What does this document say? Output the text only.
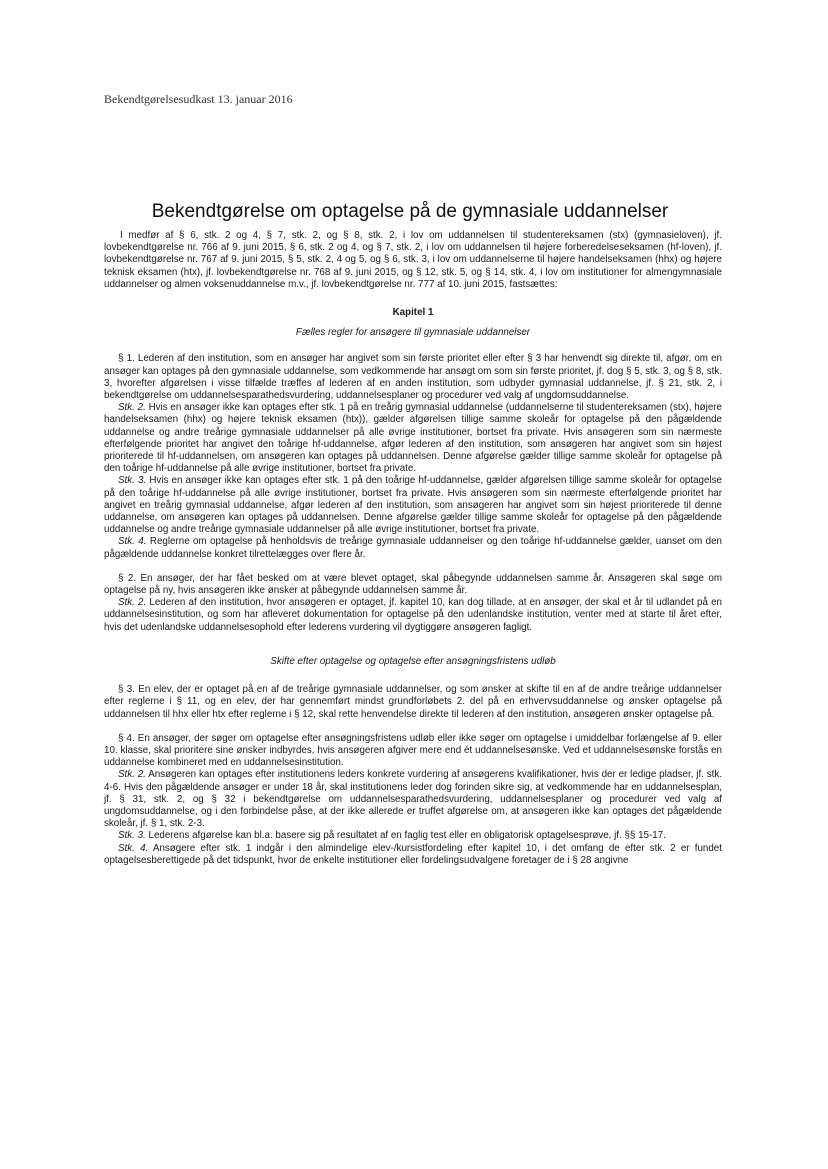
Bekendtgørelsesudkast 13. januar 2016
Bekendtgørelse om optagelse på de gymnasiale uddannelser

I medfør af § 6, stk. 2 og 4, § 7, stk. 2, og § 8, stk. 2, i lov om uddannelsen til studentereksamen (stx) (gymnasieloven), jf. lovbekendtgørelse nr. 766 af 9. juni 2015, § 6, stk. 2 og 4, og § 7, stk. 2, i lov om uddannelsen til højere forberedelseseksamen (hf-loven), jf. lovbekendtgørelse nr. 767 af 9. juni 2015, § 5, stk. 2, 4 og 5, og § 6, stk. 3, i lov om uddannelserne til højere handelseksamen (hhx) og højere teknisk eksamen (htx), jf. lovbekendtgørelse nr. 768 af 9. juni 2015, og § 12, stk. 5, og § 14, stk. 4, i lov om institutioner for almengymnasiale uddannelser og almen voksenuddannelse m.v., jf. lovbekendtgørelse nr. 777 af 10. juni 2015, fastsættes:

Kapitel 1
Fælles regler for ansøgere til gymnasiale uddannelser

§ 1. Lederen af den institution, som en ansøger har angivet som sin første prioritet eller efter § 3 har henvendt sig direkte til, afgør, om en ansøger kan optages på den gymnasiale uddannelse, som vedkommende har ansøgt om som sin første prioritet, jf. dog § 5, stk. 3, og § 8, stk. 3, hvorefter afgørelsen i visse tilfælde træffes af lederen af en anden institution, som udbyder gymnasial uddannelse, jf. § 21, stk. 2, i bekendtgørelse om uddannelsesparathedsvurdering, uddannelsesplaner og procedurer ved valg af ungdomsuddannelse.

Stk. 2. Hvis en ansøger ikke kan optages efter stk. 1 på en treårig gymnasial uddannelse (uddannelserne til studentereksamen (stx), højere handelseksamen (hhx) og højere teknisk eksamen (htx)), gælder afgørelsen tillige samme skoleår for optagelse på den pågældende uddannelse og andre treårige gymnasiale uddannelser på alle øvrige institutioner, bortset fra private. Hvis ansøgeren som sin nærmeste efterfølgende prioritet har angivet den toårige hf-uddannelse, afgør lederen af den institution, som ansøgeren har angivet som sin højest prioriterede til hf-uddannelsen, om ansøgeren kan optages på uddannelsen. Denne afgørelse gælder tillige samme skoleår for optagelse på den toårige hf-uddannelse på alle øvrige institutioner, bortset fra private.

Stk. 3. Hvis en ansøger ikke kan optages efter stk. 1 på den toårige hf-uddannelse, gælder afgørelsen tillige samme skoleår for optagelse på den toårige hf-uddannelse på alle øvrige institutioner, bortset fra private. Hvis ansøgeren som sin nærmeste efterfølgende prioritet har angivet en treårig gymnasial uddannelse, afgør lederen af den institution, som ansøgeren har angivet som sin højest prioriterede til denne uddannelse, om ansøgeren kan optages på uddannelsen. Denne afgørelse gælder tillige samme skoleår for optagelse på den pågældende uddannelse og andre treårige gymnasiale uddannelser på alle øvrige institutioner, bortset fra private.

Stk. 4. Reglerne om optagelse på henholdsvis de treårige gymnasiale uddannelser og den toårige hf-uddannelse gælder, uanset om den pågældende uddannelse konkret tilrettelægges over flere år.

§ 2. En ansøger, der har fået besked om at være blevet optaget, skal påbegynde uddannelsen samme år. Ansøgeren skal søge om optagelse på ny, hvis ansøgeren ikke ønsker at påbegynde uddannelsen samme år.

Stk. 2. Lederen af den institution, hvor ansøgeren er optaget, jf. kapitel 10, kan dog tillade, at en ansøger, der skal et år til udlandet på en uddannelsesinstitution, og som har afleveret dokumentation for optagelse på den udenlandske institution, venter med at starte til året efter, hvis det udenlandske uddannelsesophold efter lederens vurdering vil dygtiggøre ansøgeren fagligt.

Skifte efter optagelse og optagelse efter ansøgningsfristens udløb

§ 3. En elev, der er optaget på en af de treårige gymnasiale uddannelser, og som ønsker at skifte til en af de andre treårige uddannelser efter reglerne i § 11, og en elev, der har gennemført mindst grundforløbets 2. del på en erhvervsuddannelse og ønsker optagelse på uddannelsen til hhx eller htx efter reglerne i § 12, skal rette henvendelse direkte til lederen af den institution, ansøgeren ønsker optagelse på.

§ 4. En ansøger, der søger om optagelse efter ansøgningsfristens udløb eller ikke søger om optagelse i umiddelbar forlængelse af 9. eller 10. klasse, skal prioritere sine ønsker indbyrdes, hvis ansøgeren afgiver mere end ét uddannelsesønske. Ved et uddannelsesønske forstås en uddannelse kombineret med en uddannelsesinstitution.

Stk. 2. Ansøgeren kan optages efter institutionens leders konkrete vurdering af ansøgerens kvalifikationer, hvis der er ledige pladser, jf. stk. 4-6. Hvis den pågældende ansøger er under 18 år, skal institutionens leder dog forinden sikre sig, at vedkommende har en uddannelsesplan, jf. § 31, stk. 2, og § 32 i bekendtgørelse om uddannelsesparathedsvurdering, uddannelsesplaner og procedurer ved valg af ungdomsuddannelse, og i den forbindelse påse, at der ikke allerede er truffet afgørelse om, at ansøgeren ikke kan optages det pågældende skoleår, jf. § 1, stk. 2-3.

Stk. 3. Lederens afgørelse kan bl.a. basere sig på resultatet af en faglig test eller en obligatorisk optagelsesprøve, jf. §§ 15-17.

Stk. 4. Ansøgere efter stk. 1 indgår i den almindelige elev-/kursistfordeling efter kapitel 10, i det omfang de efter stk. 2 er fundet optagelsesberettigede på det tidspunkt, hvor de enkelte institutioner eller fordelingsudvalgene foretager de i § 28 angivne
